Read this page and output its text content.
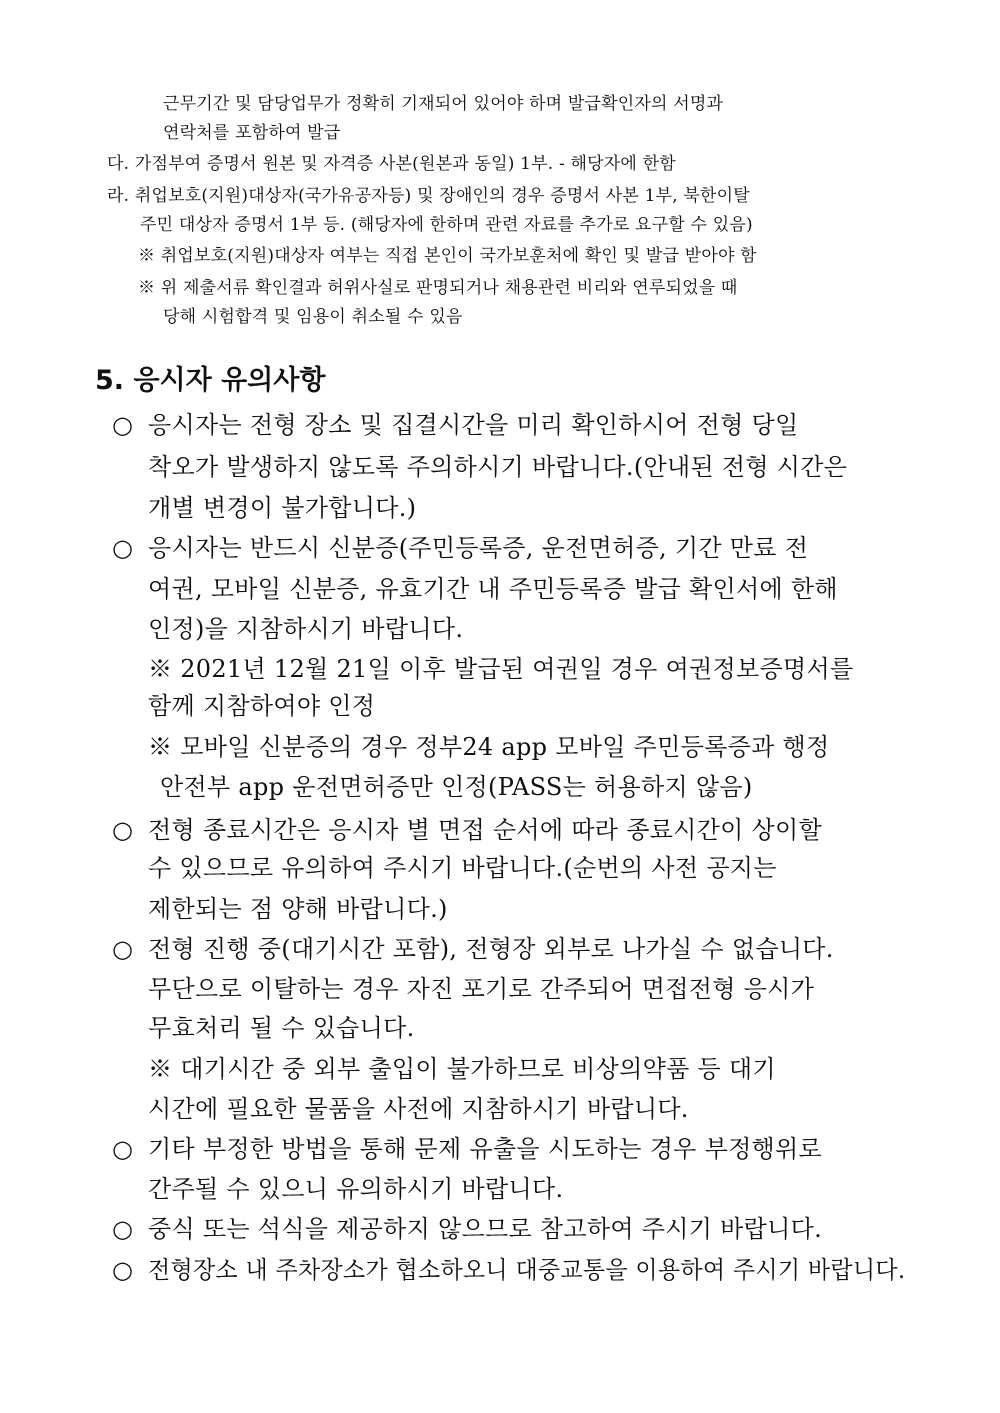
근무기간 및 담당업무가 정확히 기재되어 있어야 하며 발급확인자의 서명과
연락처를 포함하여 발급
다. 가점부여 증명서 원본 및 자격증 사본(원본과 동일) 1부. - 해당자에 한함
라. 취업보호(지원)대상자(국가유공자등) 및 장애인의 경우 증명서 사본 1부, 북한이탈
주민 대상자 증명서 1부 등. (해당자에 한하며 관련 자료를 추가로 요구할 수 있음)
※ 취업보호(지원)대상자 여부는 직접 본인이 국가보훈처에 확인 및 발급 받아야 함
※ 위 제출서류 확인결과 허위사실로 판명되거나 채용관련 비리와 연루되었을 때
당해 시험합격 및 임용이 취소될 수 있음
5. 응시자 유의사항
○ 응시자는 전형 장소 및 집결시간을 미리 확인하시어 전형 당일
착오가 발생하지 않도록 주의하시기 바랍니다.(안내된 전형 시간은
개별 변경이 불가합니다.)
○ 응시자는 반드시 신분증(주민등록증, 운전면허증, 기간 만료 전
여권, 모바일 신분증, 유효기간 내 주민등록증 발급 확인서에 한해
인정)을 지참하시기 바랍니다.
※ 2021년 12월 21일 이후 발급된 여권일 경우 여권정보증명서를
함께 지참하여야 인정
※ 모바일 신분증의 경우 정부24 app 모바일 주민등록증과 행정
안전부 app 운전면허증만 인정(PASS는 허용하지 않음)
○ 전형 종료시간은 응시자 별 면접 순서에 따라 종료시간이 상이할
수 있으므로 유의하여 주시기 바랍니다.(순번의 사전 공지는
제한되는 점 양해 바랍니다.)
○ 전형 진행 중(대기시간 포함), 전형장 외부로 나가실 수 없습니다.
무단으로 이탈하는 경우 자진 포기로 간주되어 면접전형 응시가
무효처리 될 수 있습니다.
※ 대기시간 중 외부 출입이 불가하므로 비상의약품 등 대기
시간에 필요한 물품을 사전에 지참하시기 바랍니다.
○ 기타 부정한 방법을 통해 문제 유출을 시도하는 경우 부정행위로
간주될 수 있으니 유의하시기 바랍니다.
○ 중식 또는 석식을 제공하지 않으므로 참고하여 주시기 바랍니다.
○ 전형장소 내 주차장소가 협소하오니 대중교통을 이용하여 주시기 바랍니다.
